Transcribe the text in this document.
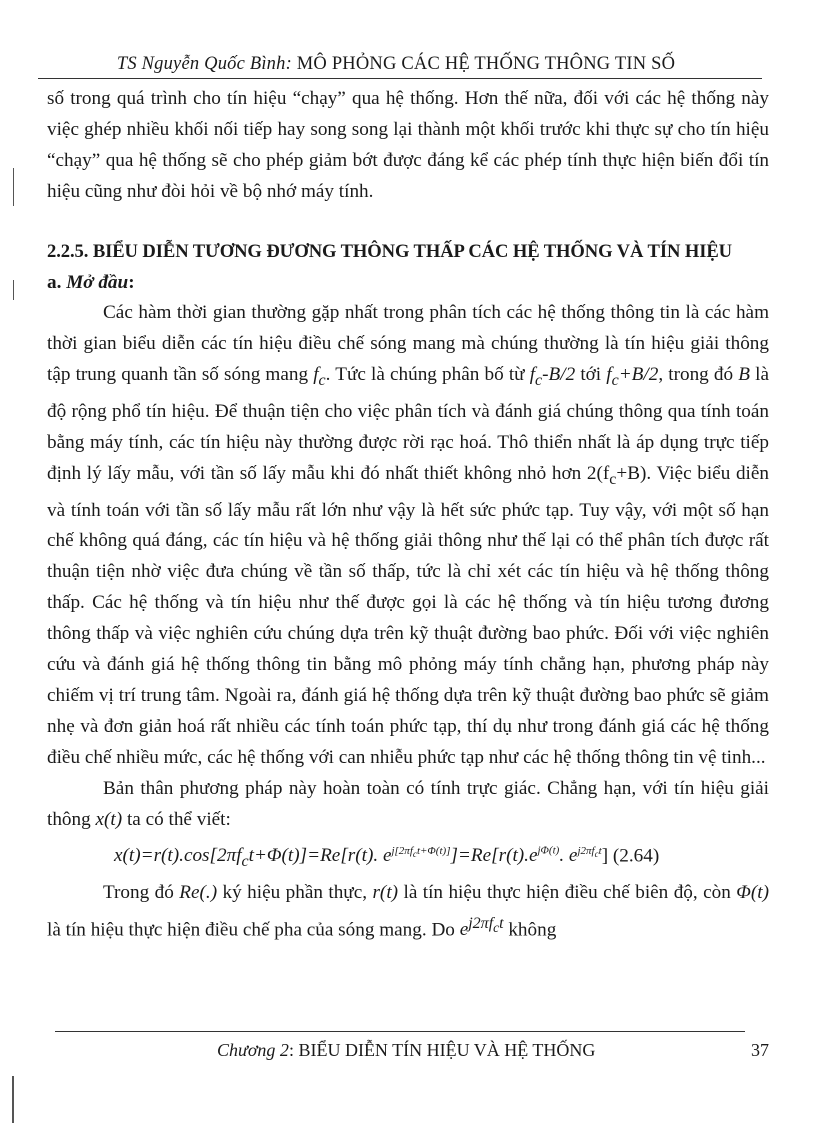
TS Nguyễn Quốc Bình: MÔ PHỎNG CÁC HỆ THỐNG THÔNG TIN SỐ

số trong quá trình cho tín hiệu “chạy” qua hệ thống. Hơn thế nữa, đối với các hệ thống này việc ghép nhiều khối nối tiếp hay song song lại thành một khối trước khi thực sự cho tín hiệu “chạy” qua hệ thống sẽ cho phép giảm bớt được đáng kể các phép tính thực hiện biến đổi tín hiệu cũng như đòi hỏi về bộ nhớ máy tính.

2.2.5. BIỂU DIỄN TƯƠNG ĐƯƠNG THÔNG THẤP CÁC HỆ THỐNG VÀ TÍN HIỆU

a. Mở đầu:

Các hàm thời gian thường gặp nhất trong phân tích các hệ thống thông tin là các hàm thời gian biểu diễn các tín hiệu điều chế sóng mang mà chúng thường là tín hiệu giải thông tập trung quanh tần số sóng mang $f_c$. Tức là chúng phân bố từ $f_c-B/2$ tới $f_c+B/2$, trong đó B là độ rộng phổ tín hiệu. Để thuận tiện cho việc phân tích và đánh giá chúng thông qua tính toán bằng máy tính, các tín hiệu này thường được rời rạc hoá. Thô thiển nhất là áp dụng trực tiếp định lý lấy mẫu, với tần số lấy mẫu khi đó nhất thiết không nhỏ hơn $2(f_c+B)$. Việc biểu diễn và tính toán với tần số lấy mẫu rất lớn như vậy là hết sức phức tạp. Tuy vậy, với một số hạn chế không quá đáng, các tín hiệu và hệ thống giải thông như thế lại có thể phân tích được rất thuận tiện nhờ việc đưa chúng về tần số thấp, tức là chỉ xét các tín hiệu và hệ thống thông thấp. Các hệ thống và tín hiệu như thế được gọi là các hệ thống và tín hiệu tương đương thông thấp và việc nghiên cứu chúng dựa trên kỹ thuật đường bao phức. Đối với việc nghiên cứu và đánh giá hệ thống thông tin bằng mô phỏng máy tính chẳng hạn, phương pháp này chiếm vị trí trung tâm. Ngoài ra, đánh giá hệ thống dựa trên kỹ thuật đường bao phức sẽ giảm nhẹ và đơn giản hoá rất nhiều các tính toán phức tạp, thí dụ như trong đánh giá các hệ thống điều chế nhiều mức, các hệ thống với can nhiễu phức tạp như các hệ thống thông tin vệ tinh...

Bản thân phương pháp này hoàn toàn có tính trực giác. Chẳng hạn, với tín hiệu giải thông x(t) ta có thể viết:

$x(t)=r(t).\cos[2\pi f_ct+\Phi(t)]=Re[r(t)$. $e^{j[2\pi f_ct+\Phi(t)]}]=Re[r(t).e^{j\Phi(t)}$. $e^{j2\pi f_ct}$] (2.64)

Trong đó Re(.) ký hiệu phần thực, r(t) là tín hiệu thực hiện điều chế biên độ, còn Φ(t) là tín hiệu thực hiện điều chế pha của sóng mang. Do $e^{j2\pi f_ct}$ không

Chương 2: BIỂU DIỄN TÍN HIỆU VÀ HỆ THỐNG	37
